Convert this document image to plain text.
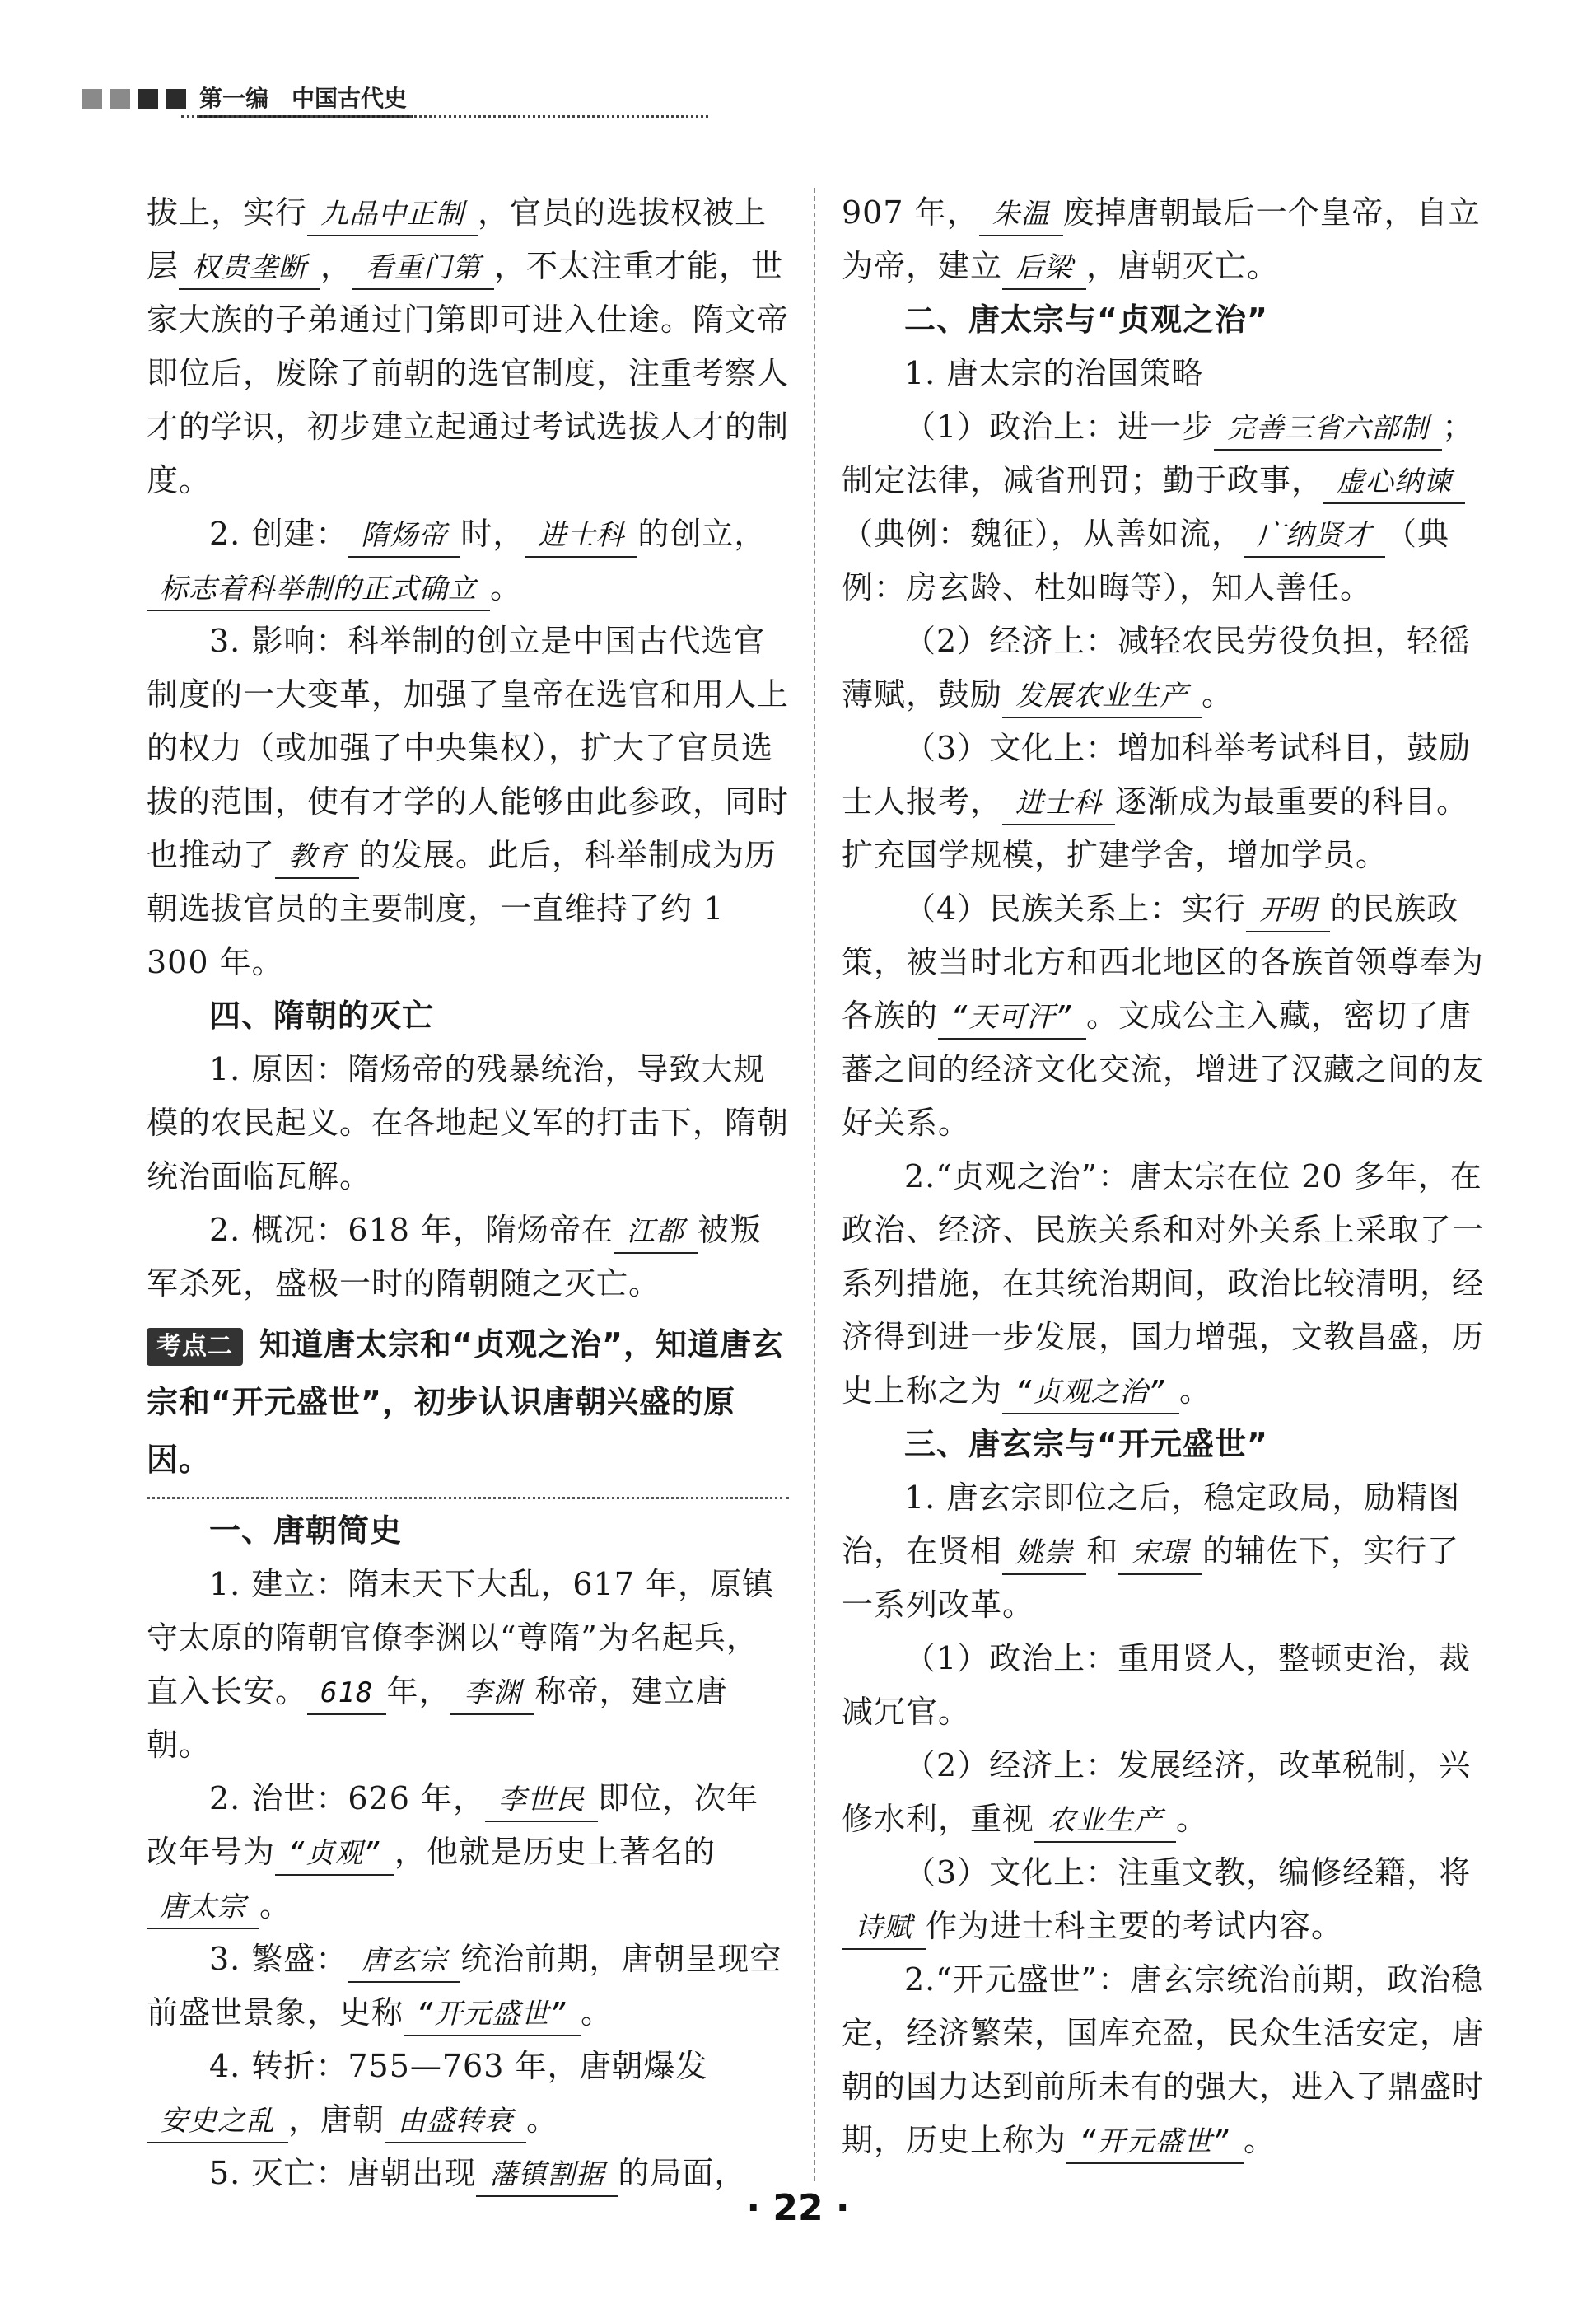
第一编 中国古代史

拔上，实行 九品中正制 ，官员的选拔权被上层 权贵垄断 ， 看重门第 ，不太注重才能，世家大族的子弟通过门第即可进入仕途。隋文帝即位后，废除了前朝的选官制度，注重考察人才的学识，初步建立起通过考试选拔人才的制度。

2. 创建： 隋炀帝 时， 进士科 的创立，标志着科举制的正式确立 。

3. 影响：科举制的创立是中国古代选官制度的一大变革，加强了皇帝在选官和用人上的权力（或加强了中央集权），扩大了官员选拔的范围，使有才学的人能够由此参政，同时也推动了 教育 的发展。此后，科举制成为历朝选拔官员的主要制度，一直维持了约 1 300 年。

四、隋朝的灭亡

1. 原因：隋炀帝的残暴统治，导致大规模的农民起义。在各地起义军的打击下，隋朝统治面临瓦解。

2. 概况：618 年，隋炀帝在 江都 被叛军杀死，盛极一时的隋朝随之灭亡。

考点二 知道唐太宗和“贞观之治”，知道唐玄宗和“开元盛世”，初步认识唐朝兴盛的原因。

一、唐朝简史

1. 建立：隋末天下大乱，617 年，原镇守太原的隋朝官僚李渊以“尊隋”为名起兵，直入长安。 618 年， 李渊 称帝，建立唐朝。

2. 治世：626 年， 李世民 即位，次年改年号为 “贞观” ，他就是历史上著名的唐太宗 。

3. 繁盛： 唐玄宗 统治前期，唐朝呈现空前盛世景象，史称 “开元盛世” 。

4. 转折：755—763 年，唐朝爆发安史之乱 ，唐朝 由盛转衰 。

5. 灭亡：唐朝出现 藩镇割据 的局面，

907 年， 朱温 废掉唐朝最后一个皇帝，自立为帝，建立 后梁 ，唐朝灭亡。

二、唐太宗与“贞观之治”

1. 唐太宗的治国策略

（1）政治上：进一步 完善三省六部制 ；制定法律，减省刑罚；勤于政事， 虚心纳谏（典例：魏征），从善如流， 广纳贤才 （典例：房玄龄、杜如晦等），知人善任。

（2）经济上：减轻农民劳役负担，轻徭薄赋，鼓励 发展农业生产 。

（3）文化上：增加科举考试科目，鼓励士人报考， 进士科 逐渐成为最重要的科目。扩充国学规模，扩建学舍，增加学员。

（4）民族关系上：实行 开明 的民族政策，被当时北方和西北地区的各族首领尊奉为各族的 “天可汗” 。文成公主入藏，密切了唐蕃之间的经济文化交流，增进了汉藏之间的友好关系。

2.“贞观之治”：唐太宗在位 20 多年，在政治、经济、民族关系和对外关系上采取了一系列措施，在其统治期间，政治比较清明，经济得到进一步发展，国力增强，文教昌盛，历史上称之为 “贞观之治” 。

三、唐玄宗与“开元盛世”

1. 唐玄宗即位之后，稳定政局，励精图治，在贤相 姚崇 和 宋璟 的辅佐下，实行了一系列改革。

（1）政治上：重用贤人，整顿吏治，裁减冗官。

（2）经济上：发展经济，改革税制，兴修水利，重视 农业生产 。

（3）文化上：注重文教，编修经籍，将诗赋 作为进士科主要的考试内容。

2.“开元盛世”：唐玄宗统治前期，政治稳定，经济繁荣，国库充盈，民众生活安定，唐朝的国力达到前所未有的强大，进入了鼎盛时期，历史上称为 “开元盛世” 。

· 22 ·
